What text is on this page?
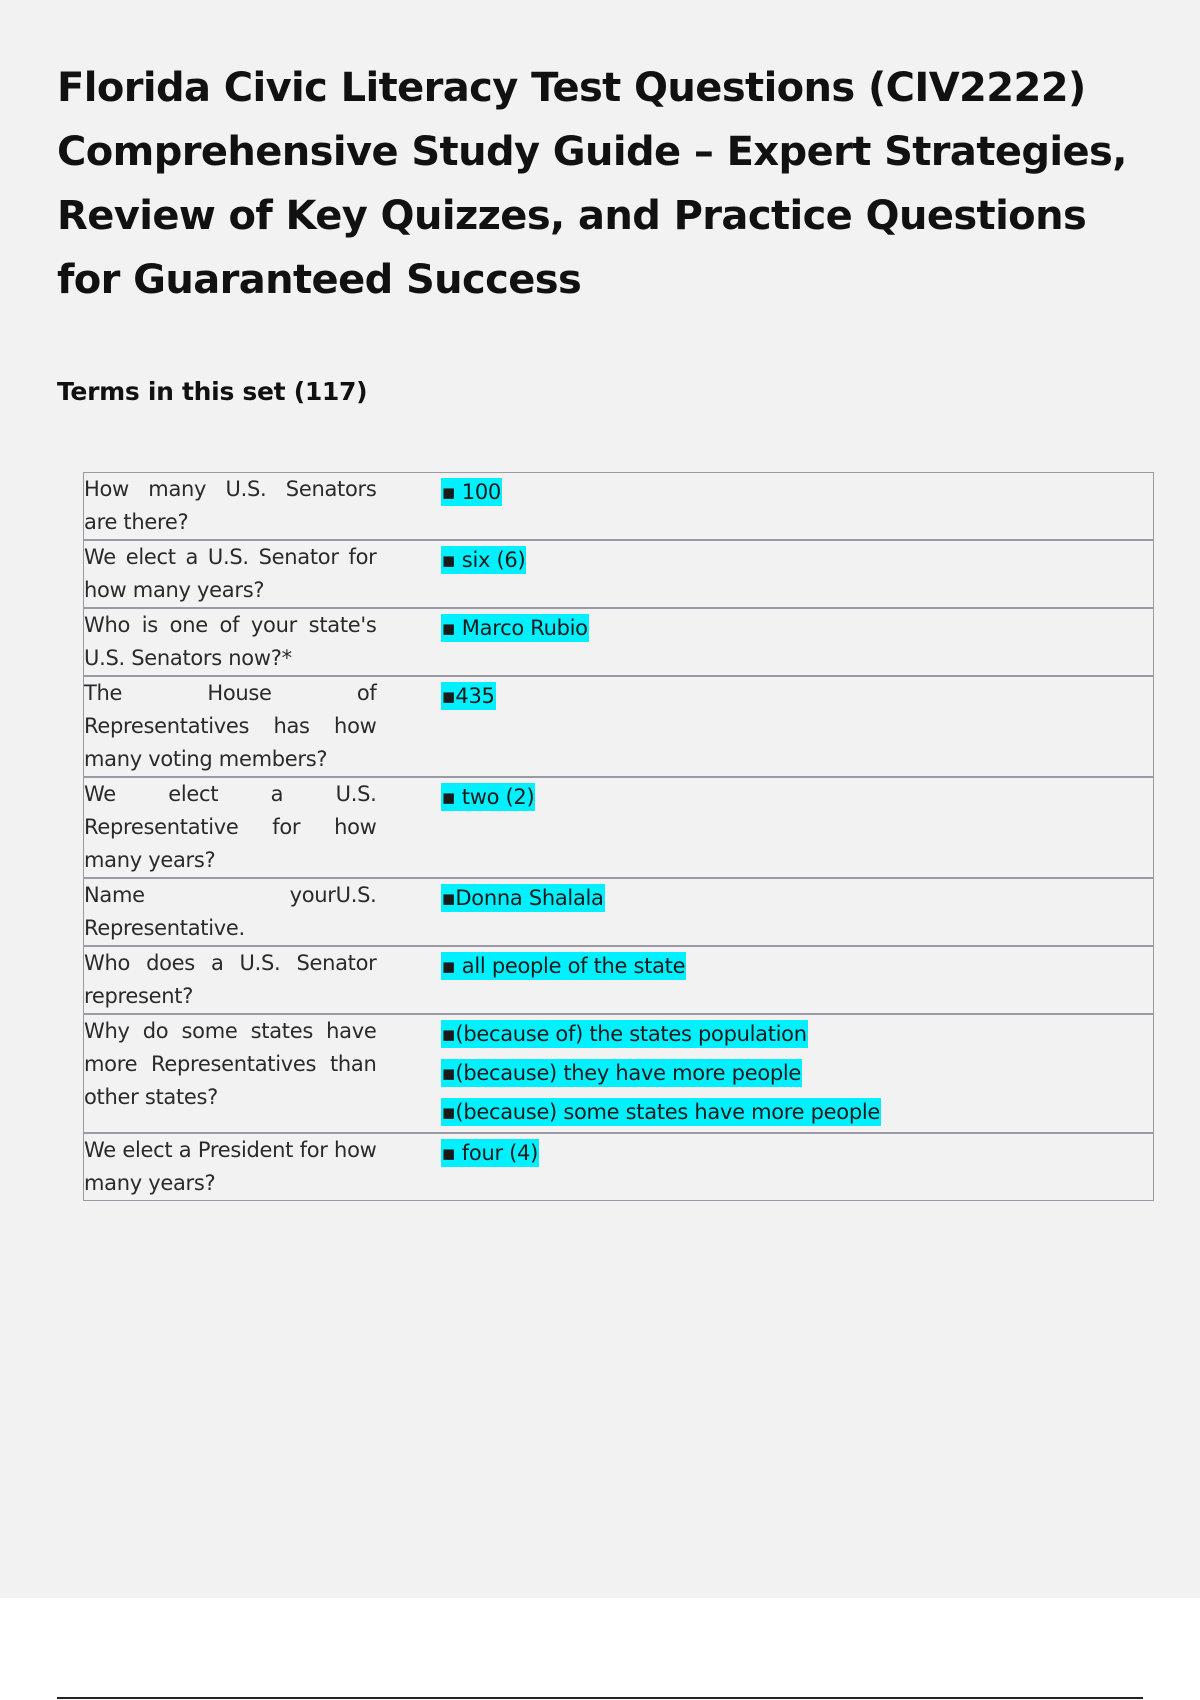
Florida Civic Literacy Test Questions (CIV2222) Comprehensive Study Guide – Expert Strategies, Review of Key Quizzes, and Practice Questions for Guaranteed Success
Terms in this set (117)
How many U.S. Senators are there?		▪ 100

We elect a U.S. Senator for how many years?		▪ six (6)

Who is one of your state's U.S. Senators now?*		▪ Marco Rubio

The House of Representatives has how many voting members?		▪435

We elect a U.S. Representative for how many years?		▪ two (2)

Name yourU.S. Representative.		▪Donna Shalala

Who does a U.S. Senator represent?		▪ all people of the state

Why do some states have more Representatives than other states?		▪(because of) the states population
▪(because) they have more people
▪(because) some states have more people

We elect a President for how many years?		▪ four (4)
